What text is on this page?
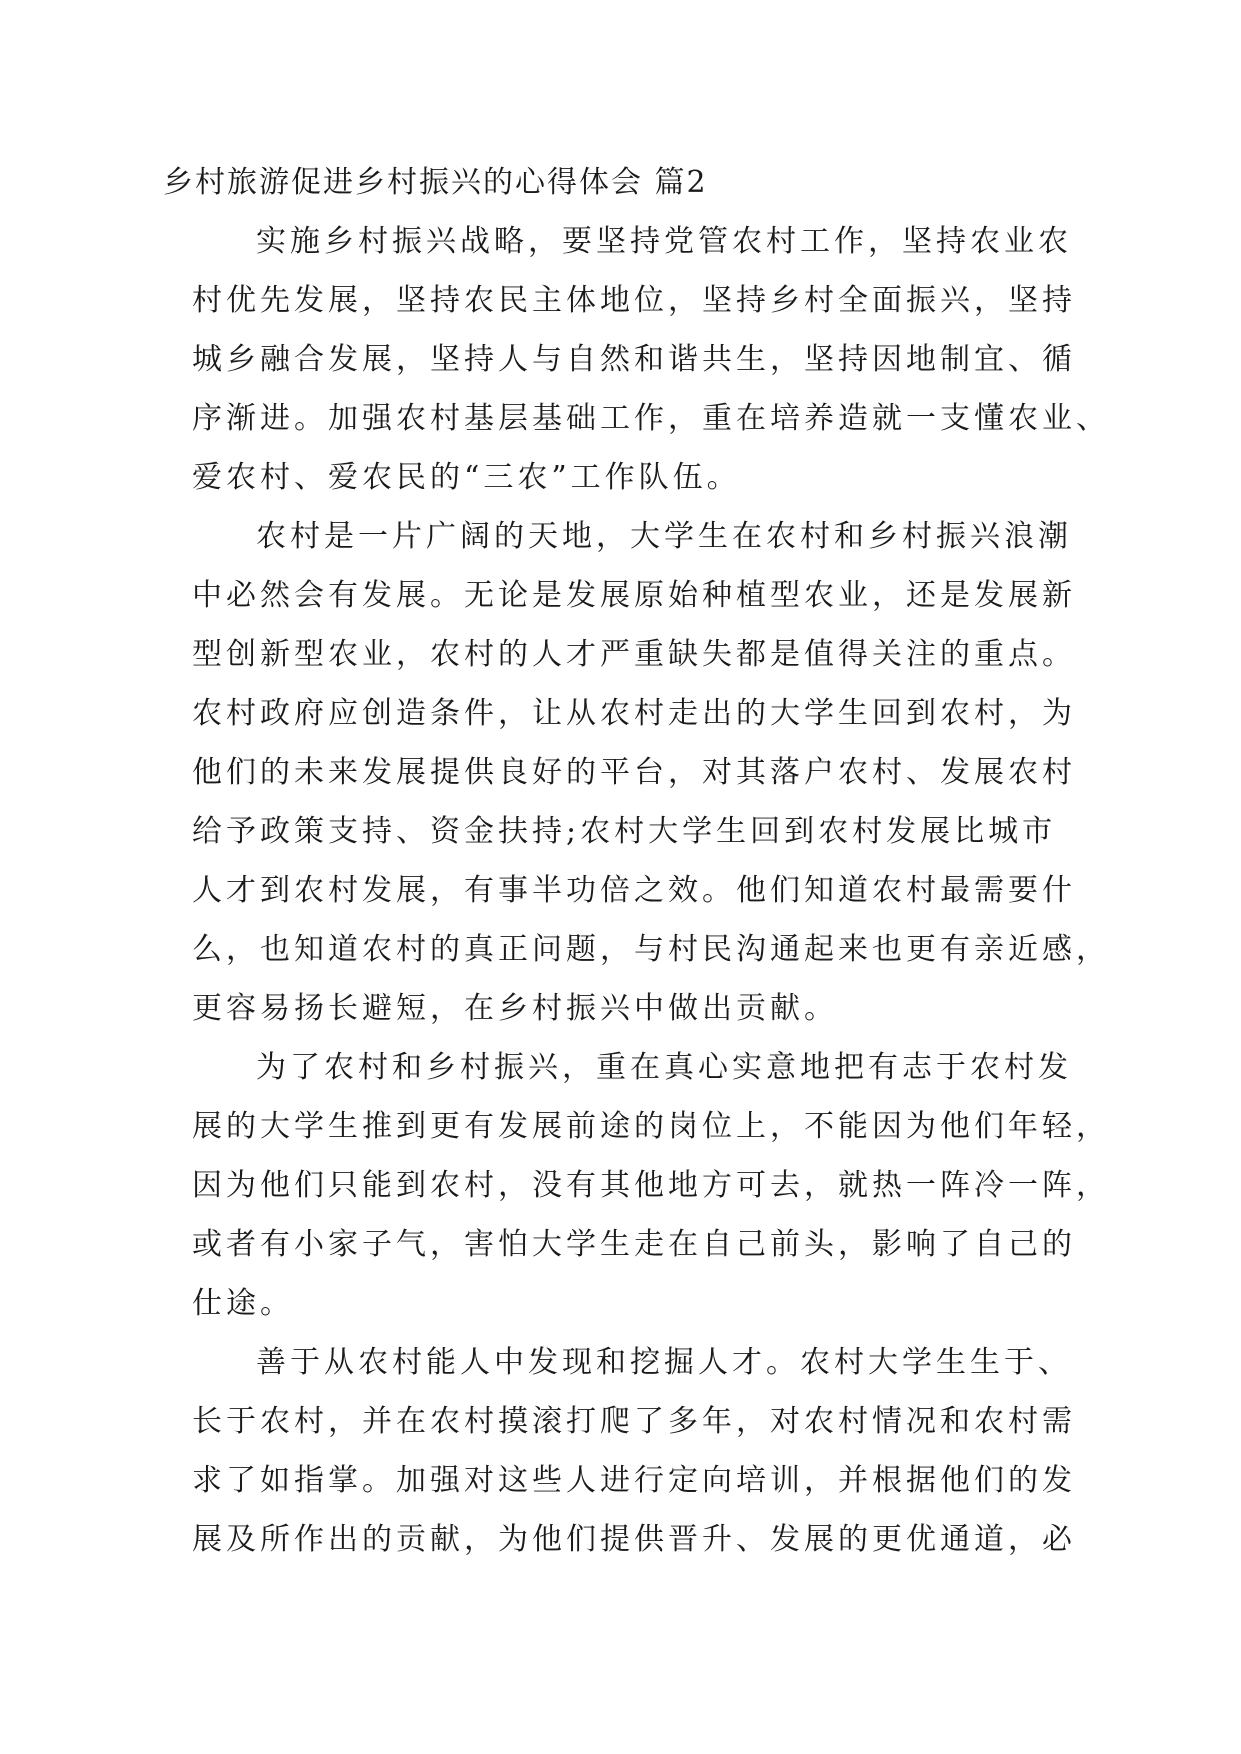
乡村旅游促进乡村振兴的心得体会 篇2
实施乡村振兴战略，要坚持党管农村工作，坚持农业农
村优先发展，坚持农民主体地位，坚持乡村全面振兴，坚持
城乡融合发展，坚持人与自然和谐共生，坚持因地制宜、循
序渐进。加强农村基层基础工作，重在培养造就一支懂农业、
爱农村、爱农民的“三农”工作队伍。
农村是一片广阔的天地，大学生在农村和乡村振兴浪潮
中必然会有发展。无论是发展原始种植型农业，还是发展新
型创新型农业，农村的人才严重缺失都是值得关注的重点。
农村政府应创造条件，让从农村走出的大学生回到农村，为
他们的未来发展提供良好的平台，对其落户农村、发展农村
给予政策支持、资金扶持;农村大学生回到农村发展比城市
人才到农村发展，有事半功倍之效。他们知道农村最需要什
么，也知道农村的真正问题，与村民沟通起来也更有亲近感，
更容易扬长避短，在乡村振兴中做出贡献。
为了农村和乡村振兴，重在真心实意地把有志于农村发
展的大学生推到更有发展前途的岗位上，不能因为他们年轻，
因为他们只能到农村，没有其他地方可去，就热一阵冷一阵，
或者有小家子气，害怕大学生走在自己前头，影响了自己的
仕途。
善于从农村能人中发现和挖掘人才。农村大学生生于、
长于农村，并在农村摸滚打爬了多年，对农村情况和农村需
求了如指掌。加强对这些人进行定向培训，并根据他们的发
展及所作出的贡献，为他们提供晋升、发展的更优通道，必
